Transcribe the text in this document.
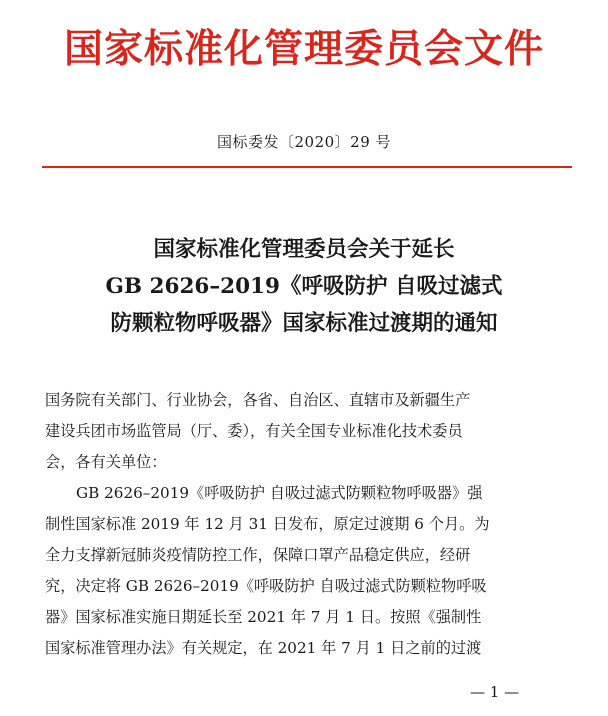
国家标准化管理委员会文件
国标委发〔2020〕29 号
国家标准化管理委员会关于延长
GB 2626–2019《呼吸防护 自吸过滤式
防颗粒物呼吸器》国家标准过渡期的通知
国务院有关部门、行业协会，各省、自治区、直辖市及新疆生产
建设兵团市场监管局（厅、委），有关全国专业标准化技术委员
会，各有关单位：
GB 2626–2019《呼吸防护 自吸过滤式防颗粒物呼吸器》强
制性国家标准 2019 年 12 月 31 日发布，原定过渡期 6 个月。为
全力支撑新冠肺炎疫情防控工作，保障口罩产品稳定供应，经研
究，决定将 GB 2626–2019《呼吸防护 自吸过滤式防颗粒物呼吸
器》国家标准实施日期延长至 2021 年 7 月 1 日。按照《强制性
国家标准管理办法》有关规定，在 2021 年 7 月 1 日之前的过渡
— 1 —
